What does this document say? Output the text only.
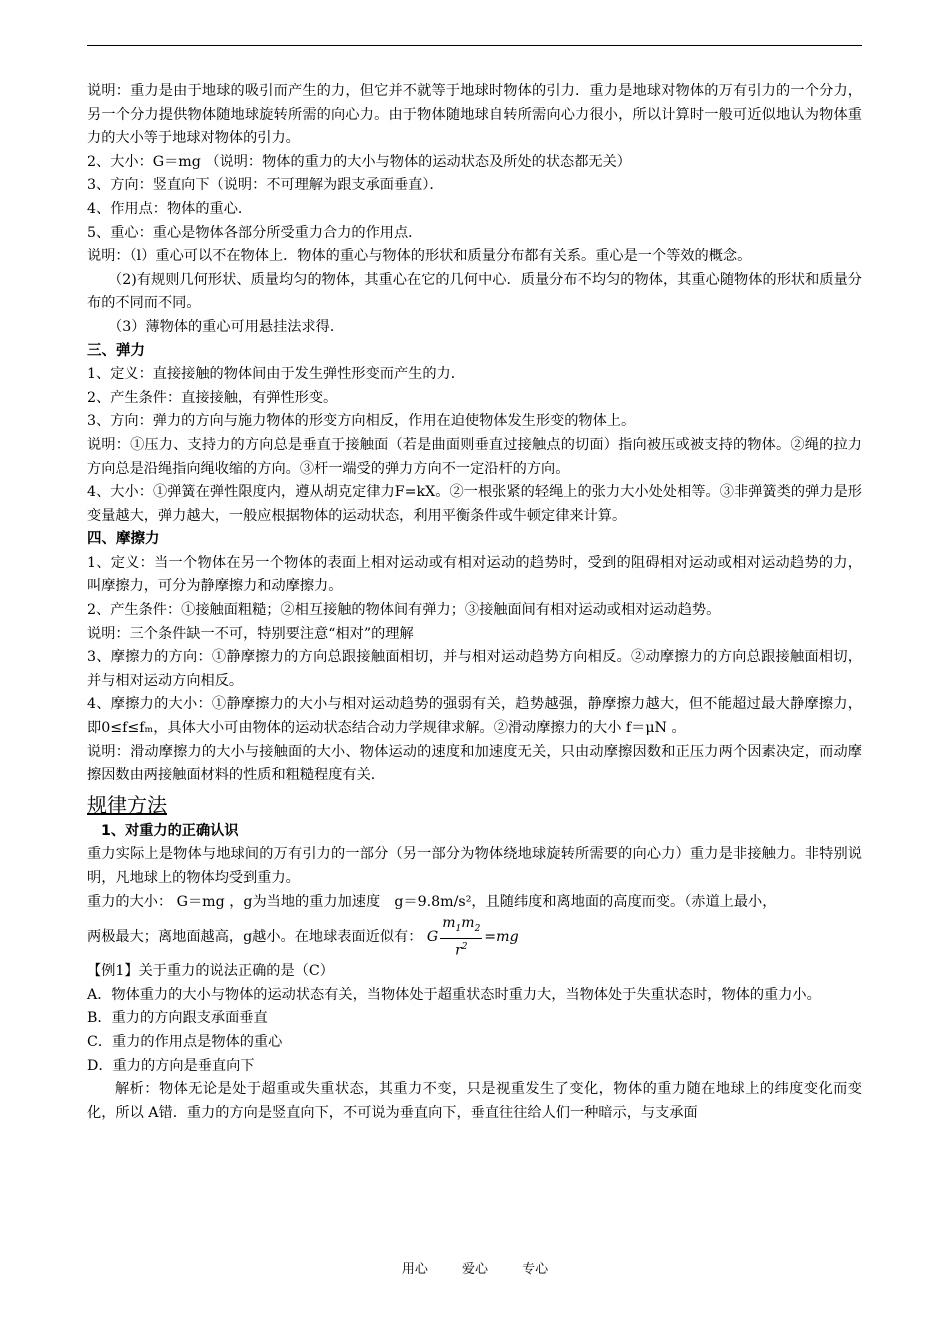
说明：重力是由于地球的吸引而产生的力，但它并不就等于地球时物体的引力．重力是地球对物体的万有引力的一个分力，另一个分力提供物体随地球旋转所需的向心力。由于物体随地球自转所需向心力很小，所以计算时一般可近似地认为物体重力的大小等于地球对物体的引力。

2、大小：G＝mg （说明：物体的重力的大小与物体的运动状态及所处的状态都无关）

3、方向：竖直向下（说明：不可理解为跟支承面垂直）．

4、作用点：物体的重心．

5、重心：重心是物体各部分所受重力合力的作用点．

说明：（l）重心可以不在物体上．物体的重心与物体的形状和质量分布都有关系。重心是一个等效的概念。

（2)有规则几何形状、质量均匀的物体，其重心在它的几何中心．质量分布不均匀的物体，其重心随物体的形状和质量分布的不同而不同。

（3）薄物体的重心可用悬挂法求得．

三、弹力

1、定义：直接接触的物体间由于发生弹性形变而产生的力．

2、产生条件：直接接触，有弹性形变。

3、方向：弹力的方向与施力物体的形变方向相反，作用在迫使物体发生形变的物体上。

说明：①压力、支持力的方向总是垂直于接触面（若是曲面则垂直过接触点的切面）指向被压或被支持的物体。②绳的拉力方向总是沿绳指向绳收缩的方向。③杆一端受的弹力方向不一定沿杆的方向。

4、大小：①弹簧在弹性限度内，遵从胡克定律力F=kX。②一根张紧的轻绳上的张力大小处处相等。③非弹簧类的弹力是形变量越大，弹力越大，一般应根据物体的运动状态，利用平衡条件或牛顿定律来计算。

四、摩擦力

1、定义：当一个物体在另一个物体的表面上相对运动或有相对运动的趋势时，受到的阻碍相对运动或相对运动趋势的力，叫摩擦力，可分为静摩擦力和动摩擦力。

2、产生条件：①接触面粗糙；②相互接触的物体间有弹力；③接触面间有相对运动或相对运动趋势。

说明：三个条件缺一不可，特别要注意“相对”的理解

3、摩擦力的方向：①静摩擦力的方向总跟接触面相切，并与相对运动趋势方向相反。②动摩擦力的方向总跟接触面相切，并与相对运动方向相反。

4、摩擦力的大小：①静摩擦力的大小与相对运动趋势的强弱有关，趋势越强，静摩擦力越大，但不能超过最大静摩擦力，即0≤f≤fₘ，具体大小可由物体的运动状态结合动力学规律求解。②滑动摩擦力的大小 f＝μN 。

说明：滑动摩擦力的大小与接触面的大小、物体运动的速度和加速度无关，只由动摩擦因数和正压力两个因素决定，而动摩擦因数由两接触面材料的性质和粗糙程度有关．

规律方法

1、对重力的正确认识

重力实际上是物体与地球间的万有引力的一部分（另一部分为物体绕地球旋转所需要的向心力）重力是非接触力。非特别说明，凡地球上的物体均受到重力。

重力的大小： G＝mg ，g为当地的重力加速度　g＝9.8m/s²，且随纬度和离地面的高度而变。（赤道上最小，

两极最大；离地面越高，g越小。在地球表面近似有： G $\frac{m_1m_2}{r^2} =mg$

【例1】关于重力的说法正确的是（C）

A．物体重力的大小与物体的运动状态有关，当物体处于超重状态时重力大，当物体处于失重状态时，物体的重力小。

B．重力的方向跟支承面垂直

C．重力的作用点是物体的重心

D．重力的方向是垂直向下

解析：物体无论是处于超重或失重状态，其重力不变，只是视重发生了变化，物体的重力随在地球上的纬度变化而变化，所以 A错．重力的方向是竖直向下，不可说为垂直向下，垂直往往给人们一种暗示，与支承面

用心 爱心 专心
